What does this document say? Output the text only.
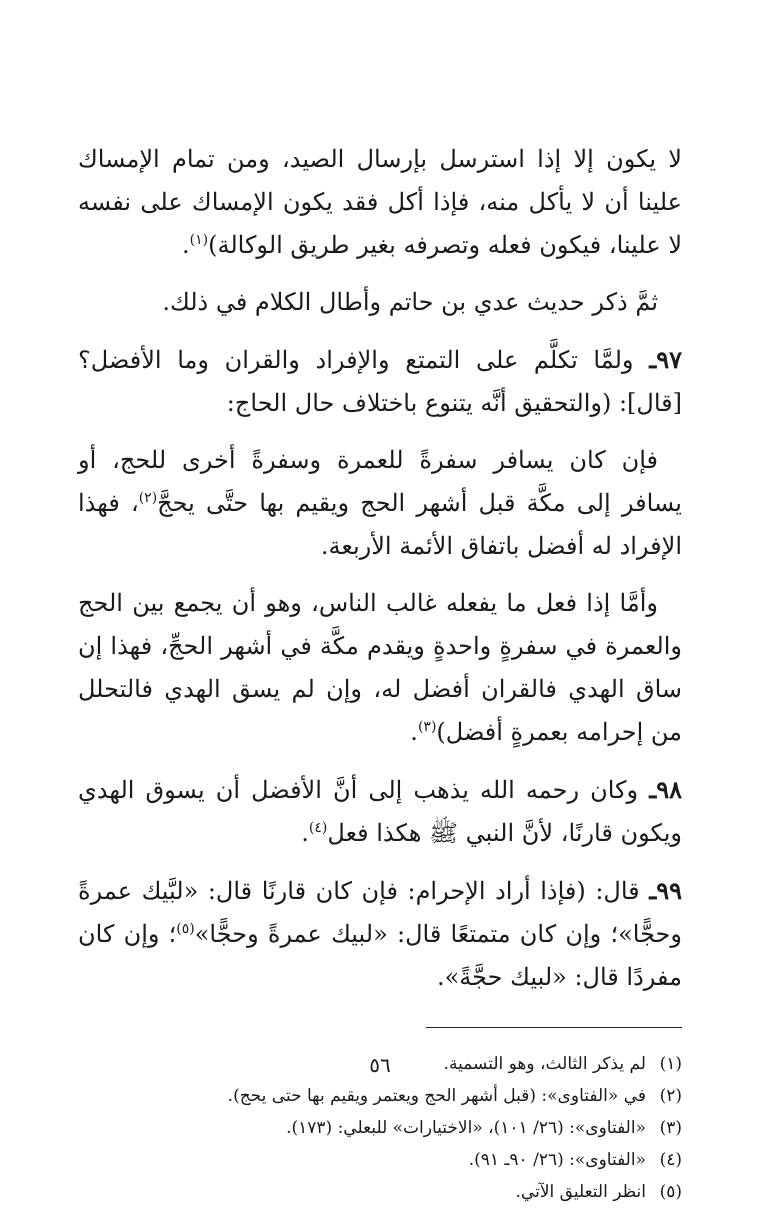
لا يكون إلا إذا استرسل بإرسال الصيد، ومن تمام الإمساك علينا أن لا يأكل منه، فإذا أكل فقد يكون الإمساك على نفسه لا علينا، فيكون فعله وتصرفه بغير طريق الوكالة)$^{(١)}$.

ثمَّ ذكر حديث عدي بن حاتم وأطال الكلام في ذلك.

٩٧ـ ولمَّا تكلَّم على التمتع والإفراد والقران وما الأفضل؟ [قال]: (والتحقيق أنَّه يتنوع باختلاف حال الحاج:

فإن كان يسافر سفرةً للعمرة وسفرةً أخرى للحج، أو يسافر إلى مكَّة قبل أشهر الحج ويقيم بها حتَّى يحجَّ$^{(٢)}$، فهذا الإفراد له أفضل باتفاق الأئمة الأربعة.

وأمَّا إذا فعل ما يفعله غالب الناس، وهو أن يجمع بين الحج والعمرة في سفرةٍ واحدةٍ ويقدم مكَّة في أشهر الحجِّ، فهذا إن ساق الهدي فالقران أفضل له، وإن لم يسق الهدي فالتحلل من إحرامه بعمرةٍ أفضل)$^{(٣)}$.

٩٨ـ وكان رحمه الله يذهب إلى أنَّ الأفضل أن يسوق الهدي ويكون قارنًا، لأنَّ النبي ﷺ هكذا فعل$^{(٤)}$.

٩٩ـ قال: (فإذا أراد الإحرام: فإن كان قارنًا قال: «لبَّيك عمرةً وحجًّا»؛ وإن كان متمتعًا قال: «لبيك عمرةً وحجًّا»$^{(٥)}$؛ وإن كان مفردًا قال: «لبيك حجَّةً».

(١)
لم يذكر الثالث، وهو التسمية.
(٢)
في «الفتاوى»: (قبل أشهر الحج ويعتمر ويقيم بها حتى يحج).
(٣)
«الفتاوى»: (٢٦/ ١٠١)، «الاختيارات» للبعلي: (١٧٣).
(٤)
«الفتاوى»: (٢٦/ ٩٠ـ ٩١).
(٥)
انظر التعليق الآتي.
٥٦
